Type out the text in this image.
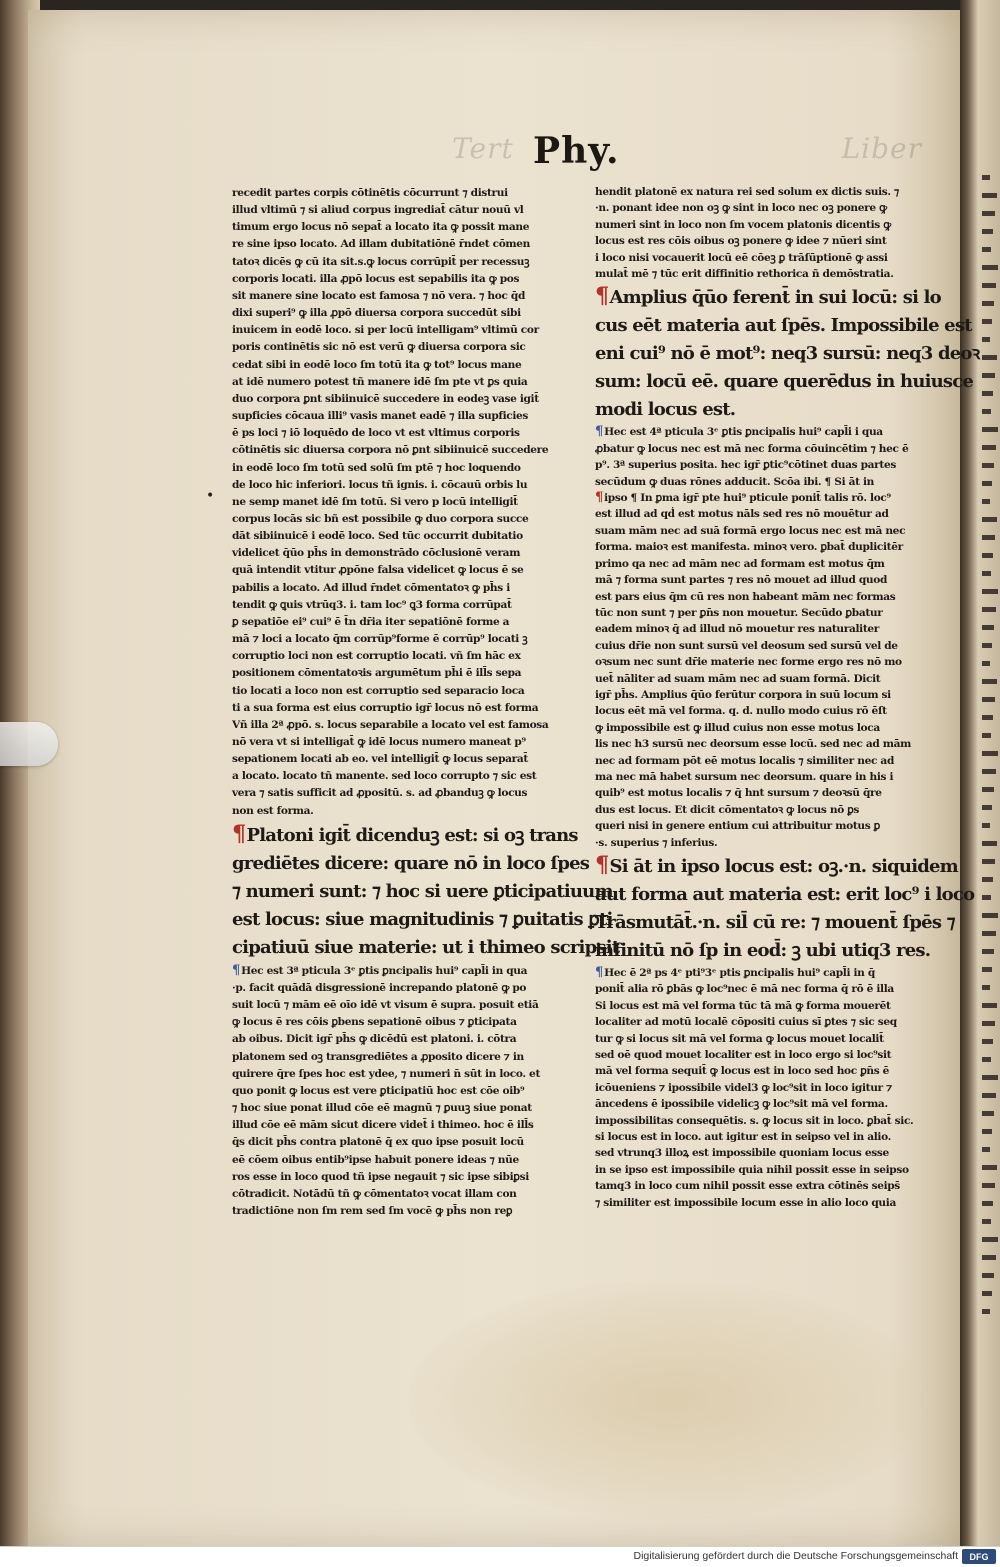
Tert	Liber
Phy.
•
recedit partes corpis cōtinētis cōcurrunt ⁊ distrui
illud vltimū ⁊ si aliud corpus ingrediat̄ cātur nouū vl
timum ergo locus nō sepat̄ a locato ita ꝙ possit mane
re sine ipso locato. Ad illam dubitatiōnē r̄ndet cōmen
tatoꝛ dicēs ꝙ cū ita sit.s.ꝙ locus corrūpit̄ per recessuꝫ
corporis locati. illa ꝓpō locus est sepabilis ita ꝙ pos
sit manere sine locato est famosa ⁊ nō vera. ⁊ hoc q̄d
dixi superi⁹ ꝙ illa ꝓpō diuersa corpora succedūt sibi
inuicem in eodē loco. si per locū intelligam⁹ vltimū cor
poris continētis sic nō est verū ꝙ diuersa corpora sic
cedat sibi in eodē loco ſm totū ita ꝙ tot⁹ locus mane
at idē numero potest tñ manere idē ſm pte vt ꝑs quia
duo corpora ꝑnt sibiinuicē succedere in eodeꝫ vase igit̄
supficies cōcaua illi⁹ vasis manet eadē ⁊ illa supficies
ē ps loci ⁊ iō loquēdo de loco vt est vltimus corporis
cōtinētis sic diuersa corpora nō ꝑnt sibiinuicē succedere
in eodē loco ſm totū sed solū ſm ptē ⁊ hoc loquendo
de loco hic inferiori. locus tñ ignis. i. cōcauū orbis lu
ne semp manet idē ſm totū. Si vero p locū intelligit̄
corpus locās sic bñ est possibile ꝙ duo corpora succe
dāt sibiinuicē i eodē loco. Sed tūc occurrit dubitatio
videlicet q̄ūo ph̄s in demonstrādo cōclusionē veram
quā intendit vtitur ꝓpōne falsa videlicet ꝙ locus ē se
pabilis a locato. Ad illud r̄ndet cōmentatoꝛ ꝙ ph̄s i
tendit ꝙ ꝗuis vtrūq3. i. tam loc⁹ ꝗ3 forma corrūpat̄
ꝑ sepatiōe ei⁹ cui⁹ ē t̄n dr̄ia iter sepatiōnē forme a
mā ⁊ loci a locato q̄m corrūp⁹forme ē corrūp⁹ locati ꝫ
corruptio loci non est corruptio locati. vñ ſm hāc ex
positionem cōmentatoꝛis argumētum ph̄i ē ill̄s sepa
tio locati a loco non est corruptio sed separacio loca
ti a sua forma est eius corruptio igr̄ locus nō est forma
Vñ illa 2ª ꝓpō. s. locus separabile a locato vel est famosa
nō vera vt si intelligat̄ ꝙ idē locus numero maneat p⁹
sepationem locati ab eo. vel intelligit̄ ꝙ locus separat̄
a locato. locato tñ manente. sed loco corrupto ⁊ sic est
vera ⁊ satis sufficit ad ꝓpositū. s. ad ꝓbanduꝫ ꝙ locus
non est forma.
¶Platoni igit̄ dicenduꝫ est: si oꝫ trans
grediētes dicere: quare nō in loco ſpes
⁊ numeri sunt: ⁊ hoc si uere ꝑticipatiuum
est locus: siue magnitudinis ⁊ ꝑuitatis ꝑti
cipatiuū siue materie: ut i thimeo scripsit
¶Hec est 3ª pticula 3ᵉ ꝑtis ꝑncipalis hui⁹ capl̄i in qua
·p. facit quādā disgressionē increpando platonē ꝙ po
suit locū ⁊ mām eē oīo idē vt visum ē supra. posuit etiā
ꝙ locus ē res cōis ꝑbens sepationē oibus ⁊ ꝑticipata
ab oibus. Dicit igr̄ ph̄s ꝙ dicēdū est platoni. i. cōtra
platonem sed oꝫ transgrediētes a ꝓposito dicere ⁊ in
quirere q̄re ſpes hoc est ydee, ⁊ numeri n̄ sūt in loco. et
quo ponit ꝙ locus est vere ꝑticipatiū hoc est cōe oib⁹
⁊ hoc siue ponat illud cōe eē magnū ⁊ ꝑuuꝫ siue ponat
illud cōe eē mām sicut dicere videt̄ i thimeo. hoc ē ill̄s
q̄s dicit ph̄s contra platonē q̄ ex quo ipse posuit locū
eē cōem oibus entib⁹ipse habuit ponere ideas ⁊ nūe
ros esse in loco quod tñ ipse negauit ⁊ sic ipse sibiꝑsi
cōtradicit. Notādū tñ ꝙ cōmentatoꝛ vocat illam con
tradictiōne non ſm rem sed ſm vocē ꝙ ph̄s non reꝑ
hendit platonē ex natura rei sed solum ex dictis suis. ⁊
·n. ponant idee non oꝫ ꝙ sint in loco nec oꝫ ponere ꝙ
numeri sint in loco non ſm vocem platonis dicentis ꝙ
locus est res cōis oibus oꝫ ponere ꝙ idee ⁊ nūeri sint
i loco nisi vocauerit locū eē cōeꝫ ꝑ trāſūptionē ꝙ assi
mulat̄ mē ⁊ tūc erit diffinitio rethorica ñ demōstratia.
¶Amplius q̄ūo ferent̄ in sui locū: si lo
cus eēt materia aut ſpēs. Impossibile est
eni cui⁹ nō ē mot⁹: neq3 sursū: neq3 deoꝛ
sum: locū eē. quare querēdus in huiusce
modi locus est.
¶Hec est 4ª pticula 3ᵉ ꝑtis ꝑncipalis hui⁹ capl̄i i qua
ꝓbatur ꝙ locus nec est mā nec forma cōuincētim ⁊ hec ē
p⁹. 3ª superius posita. hec igr̄ ꝑtic⁹cōtinet duas partes
secūdum ꝙ duas rōnes adducit. Scōa ibi. ¶ Si āt in
¶ipso ¶ In ꝑma igr̄ pte hui⁹ pticule ponit̄ talis rō. loc⁹
est illud ad qḋ est motus nāls sed res nō mouētur ad
suam mām nec ad suā formā ergo locus nec est mā nec
forma. maioꝛ est manifesta. minoꝛ vero. ꝑbat̄ duplicitēr
primo qa nec ad mām nec ad formam est motus q̄m
mā ⁊ forma sunt partes ⁊ res nō mouet ad illud quod
est pars eius q̄m cū res non habeant mām nec formas
tūc non sunt ⁊ per ꝑn̄s non mouetur. Secūdo ꝑbatur
eadem minoꝛ q̄ ad illud nō mouetur res naturaliter
cuius dr̄ie non sunt sursū vel deosum sed sursū vel de
oꝛsum nec sunt dr̄ie materie nec forme ergo res nō mo
uet̄ nāliter ad suam mām nec ad suam formā. Dicit
igr̄ ph̄s. Amplius q̄ūo ferūtur corpora in suū locum si
locus eēt mā vel forma. q. d. nullo modo cuius rō ēſt
ꝙ impossibile est ꝙ illud cuius non esse motus loca
lis nec h3 sursū nec deorsum esse locū. sed nec ad mām
nec ad formam pōt eē motus localis ⁊ similiter nec ad
ma nec mā habet sursum nec deorsum. quare in his i
quib⁹ est motus localis ⁊ q̄ hnt sursum ⁊ deoꝛsū q̄re
dus est locus. Et dicit cōmentatoꝛ ꝙ locus nō ꝑs
queri nisi in genere entium cui attribuitur motus ꝑ
·s. superius ⁊ inferius.
¶Si āt in ipso locus est: oꝫ.·n. siquidem
aut forma aut materia est: erit loc⁹ i loco
Trāsmutāt̄.·n. sil̄ cū re: ⁊ mouent̄ ſpēs ⁊
infinitū nō ſp in eod̄: ꝫ ubi utiq3 res.
¶Hec ē 2ª ps 4ᵉ pti⁹3ᵉ ptis ꝑncipalis hui⁹ capl̄i in q̄
ponit̄ alia rō ꝑbās ꝙ loc⁹nec ē mā nec forma q̄ rō ē illa
Si locus est mā vel forma tūc tā mā ꝙ forma mouerēt
localiter ad motū localē cōpositi cuius sī ꝑtes ⁊ sic seq
tur ꝙ si locus sit mā vel forma ꝙ locus mouet localit̄
sed oē quod mouet localiter est in loco ergo si loc⁹sit
mā vel forma sequit̄ ꝙ locus est in loco sed hoc ꝑn̄s ē
icōueniens ⁊ ipossibile videl3 ꝙ loc⁹sit in loco igitur ⁊
āncedens ē ipossibile videlicꝫ ꝙ loc⁹sit mā vel forma.
impossibilitas consequētis. s. ꝙ locus sit in loco. ꝑbat̄ sic.
si locus est in loco. aut igitur est in seipso vel in alio.
sed vtrunq3 illoꝝ est impossibile quoniam locus esse
in se ipso est impossibile quia nihil possit esse in seipso
tamq3 in loco cum nihil possit esse extra cōtinēs seips̄
⁊ similiter est impossibile locum esse in alio loco quia
Digitalisierung gefördert durch die Deutsche Forschungsgemeinschaft	DFG
